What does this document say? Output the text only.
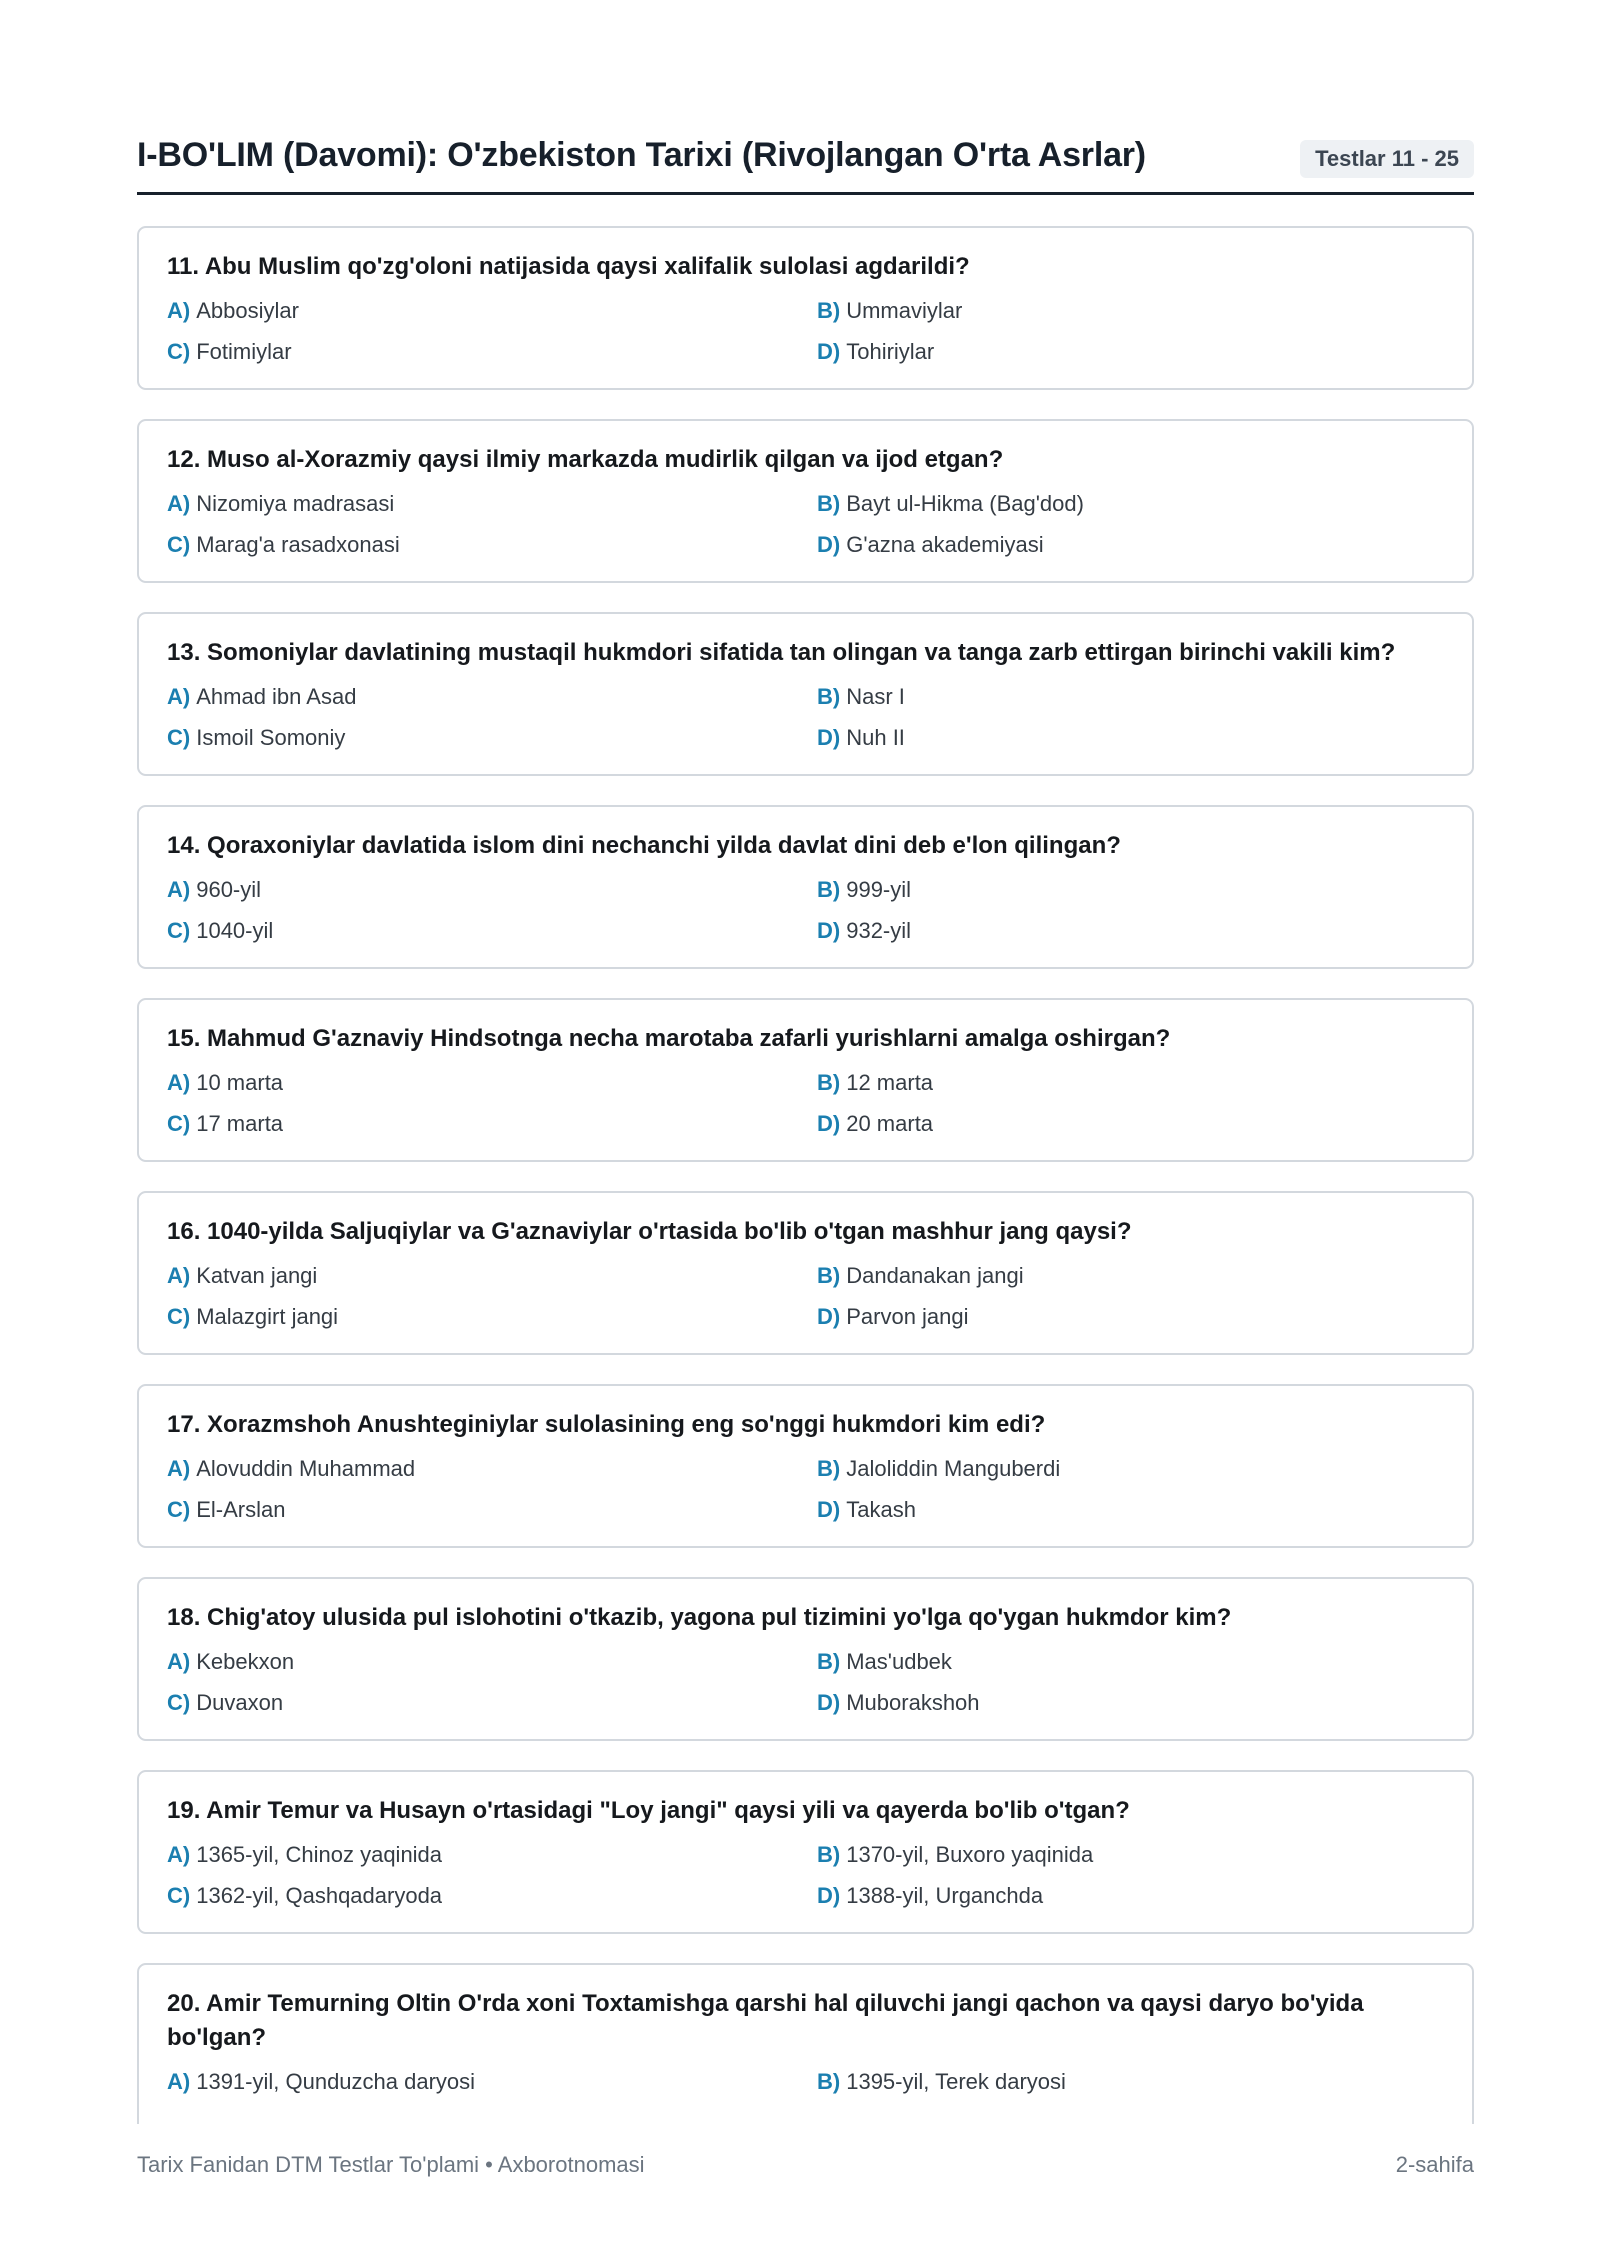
I-BO'LIM (Davomi): O'zbekiston Tarixi (Rivojlangan O'rta Asrlar)	Testlar 11 - 25
11. Abu Muslim qo'zg'oloni natijasida qaysi xalifalik sulolasi agdarildi?
A) Abbosiylar	B) Ummaviylar
C) Fotimiylar	D) Tohiriylar
12. Muso al-Xorazmiy qaysi ilmiy markazda mudirlik qilgan va ijod etgan?
A) Nizomiya madrasasi	B) Bayt ul-Hikma (Bag'dod)
C) Marag'a rasadxonasi	D) G'azna akademiyasi
13. Somoniylar davlatining mustaqil hukmdori sifatida tan olingan va tanga zarb ettirgan birinchi vakili kim?
A) Ahmad ibn Asad	B) Nasr I
C) Ismoil Somoniy	D) Nuh II
14. Qoraxoniylar davlatida islom dini nechanchi yilda davlat dini deb e'lon qilingan?
A) 960-yil	B) 999-yil
C) 1040-yil	D) 932-yil
15. Mahmud G'aznaviy Hindsotnga necha marotaba zafarli yurishlarni amalga oshirgan?
A) 10 marta	B) 12 marta
C) 17 marta	D) 20 marta
16. 1040-yilda Saljuqiylar va G'aznaviylar o'rtasida bo'lib o'tgan mashhur jang qaysi?
A) Katvan jangi	B) Dandanakan jangi
C) Malazgirt jangi	D) Parvon jangi
17. Xorazmshoh Anushteginiylar sulolasining eng so'nggi hukmdori kim edi?
A) Alovuddin Muhammad	B) Jaloliddin Manguberdi
C) El-Arslan	D) Takash
18. Chig'atoy ulusida pul islohotini o'tkazib, yagona pul tizimini yo'lga qo'ygan hukmdor kim?
A) Kebekxon	B) Mas'udbek
C) Duvaxon	D) Muborakshoh
19. Amir Temur va Husayn o'rtasidagi "Loy jangi" qaysi yili va qayerda bo'lib o'tgan?
A) 1365-yil, Chinoz yaqinida	B) 1370-yil, Buxoro yaqinida
C) 1362-yil, Qashqadaryoda	D) 1388-yil, Urganchda
20. Amir Temurning Oltin O'rda xoni Toxtamishga qarshi hal qiluvchi jangi qachon va qaysi daryo bo'yida bo'lgan?
A) 1391-yil, Qunduzcha daryosi	B) 1395-yil, Terek daryosi
Tarix Fanidan DTM Testlar To'plami • Axborotnomasi	2-sahifa
